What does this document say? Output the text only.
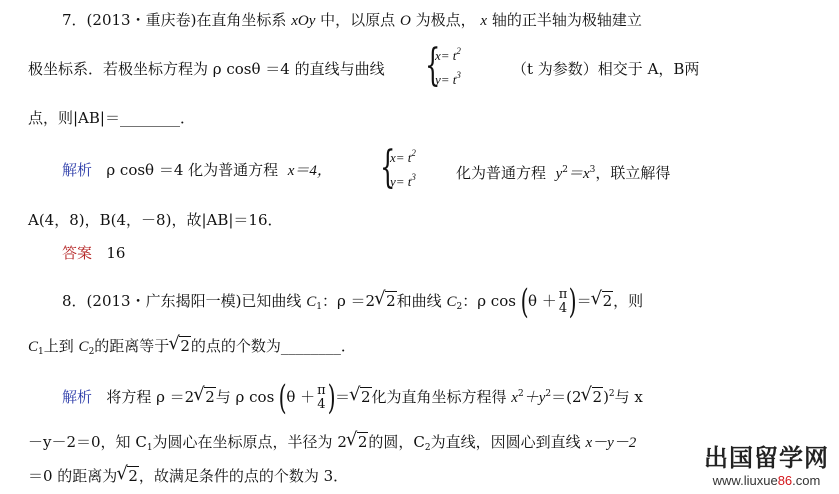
7．(2013・重庆卷)在直角坐标系 xOy 中，以原点 O 为极点， x 轴的正半轴为极轴建立
极坐标系．若极坐标方程为 ρ cosθ ＝4 的直线与曲线 {
$x= t^2$
$y= t^3$	（t 为参数）相交于 A，B两
点，则|AB|＝________．
解析 ρ cosθ ＝4 化为普通方程 x＝4， {
$x= t^2$
$y= t^3$	化为普通方程 $y^2=x^3$，联立解得
A(4，8)，B(4，－8)，故|AB|＝16．
答案 16
8．(2013・广东揭阳一模)已知曲线 $C_1$：ρ ＝2√ 2和曲线 $C_2$：ρ cos (θ ＋ π
4 )＝√ 2，则
$C_1$上到 $C_2$的距离等于√ 2的点的个数为________．
解析 将方程 ρ ＝2√ 2与 ρ cos (θ ＋ π
4 )＝√ 2化为直角坐标方程得 $x^2+y^2=(2√$ 2)$^2$与 x
－y－2＝0，知 $C_1$为圆心在坐标原点，半径为 2√ 2的圆，$C_2$为直线，因圆心到直线 x－y－2
＝0 的距离为√ 2，故满足条件的点的个数为 3．
出国留学网
www.liuxue86.com
